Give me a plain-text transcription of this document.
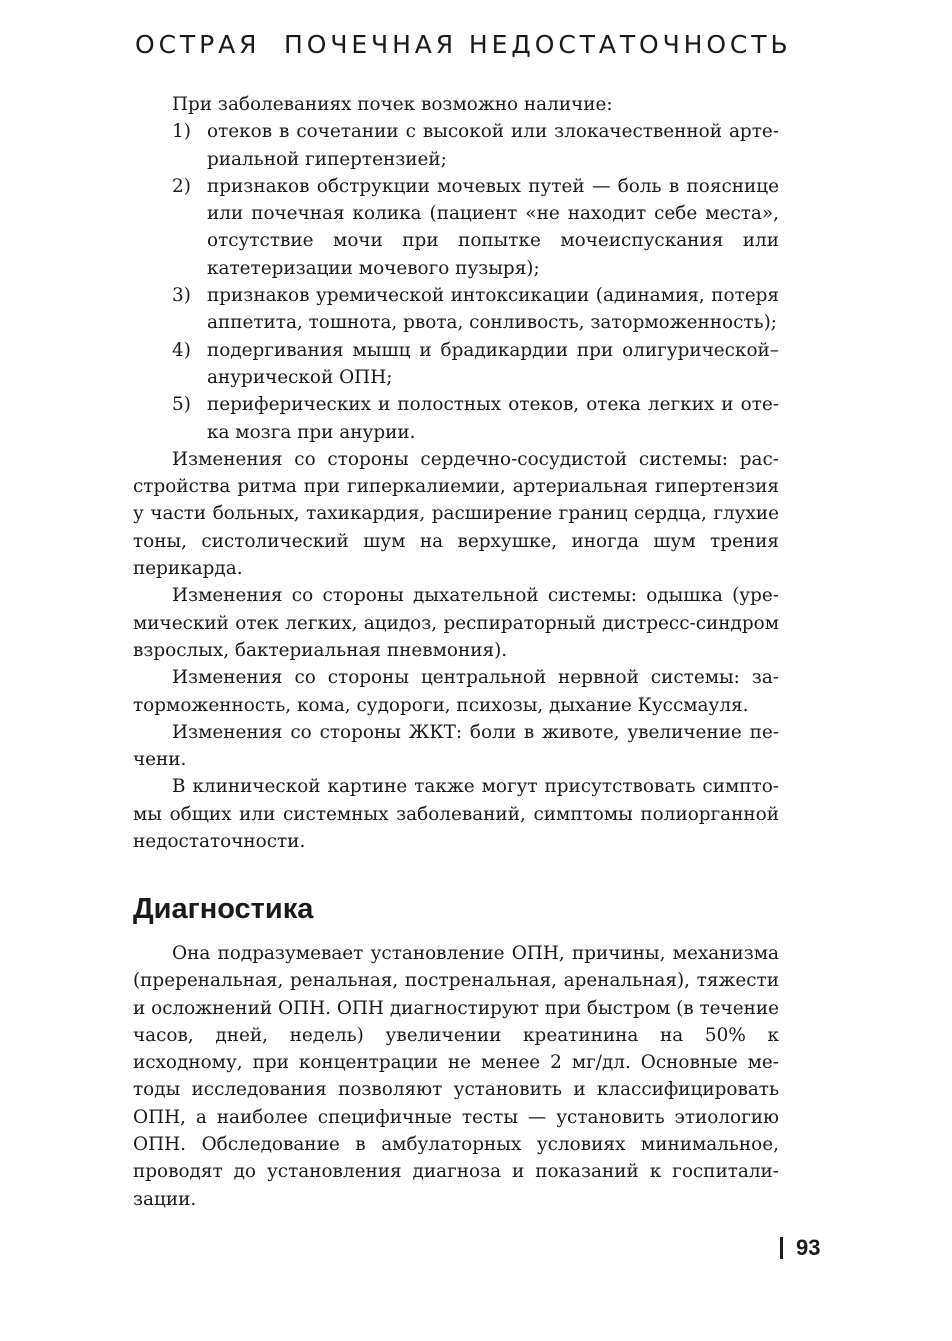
ОСТРАЯ  ПОЧЕЧНАЯ НЕДОСТАТОЧНОСТЬ

При заболеваниях почек возможно наличие:

1) отеков в сочетании с высокой или злокачественной артериальной гипертензией;
2) признаков обструкции мочевых путей — боль в пояснице или почечная колика (пациент «не находит себе места», отсутствие мочи при попытке мочеиспускания или катетеризации мочевого пузыря);
3) признаков уремической интоксикации (адинамия, потеря аппетита, тошнота, рвота, сонливость, заторможенность);
4) подергивания мышц и брадикардии при олигурической–анурической ОПН;
5) периферических и полостных отеков, отека легких и отека мозга при анурии.

Изменения со стороны сердечно-сосудистой системы: расстройства ритма при гиперкалиемии, артериальная гипертензия у части больных, тахикардия, расширение границ сердца, глухие тоны, систолический шум на верхушке, иногда шум трения перикарда.

Изменения со стороны дыхательной системы: одышка (уремический отек легких, ацидоз, респираторный дистресс-синдром взрослых, бактериальная пневмония).

Изменения со стороны центральной нервной системы: заторможенность, кома, судороги, психозы, дыхание Куссмауля.

Изменения со стороны ЖКТ: боли в животе, увеличение печени.

В клинической картине также могут присутствовать симптомы общих или системных заболеваний, симптомы полиорганной недостаточности.

Диагностика

Она подразумевает установление ОПН, причины, механизма (преренальная, ренальная, постренальная, аренальная), тяжести и осложнений ОПН. ОПН диагностируют при быстром (в течение часов, дней, недель) увеличении креатинина на 50% к исходному, при концентрации не менее 2 мг/дл. Основные методы исследования позволяют установить и классифицировать ОПН, а наиболее специфичные тесты — установить этиологию ОПН. Обследование в амбулаторных условиях минимальное, проводят до установления диагноза и показаний к госпитализации.

93
